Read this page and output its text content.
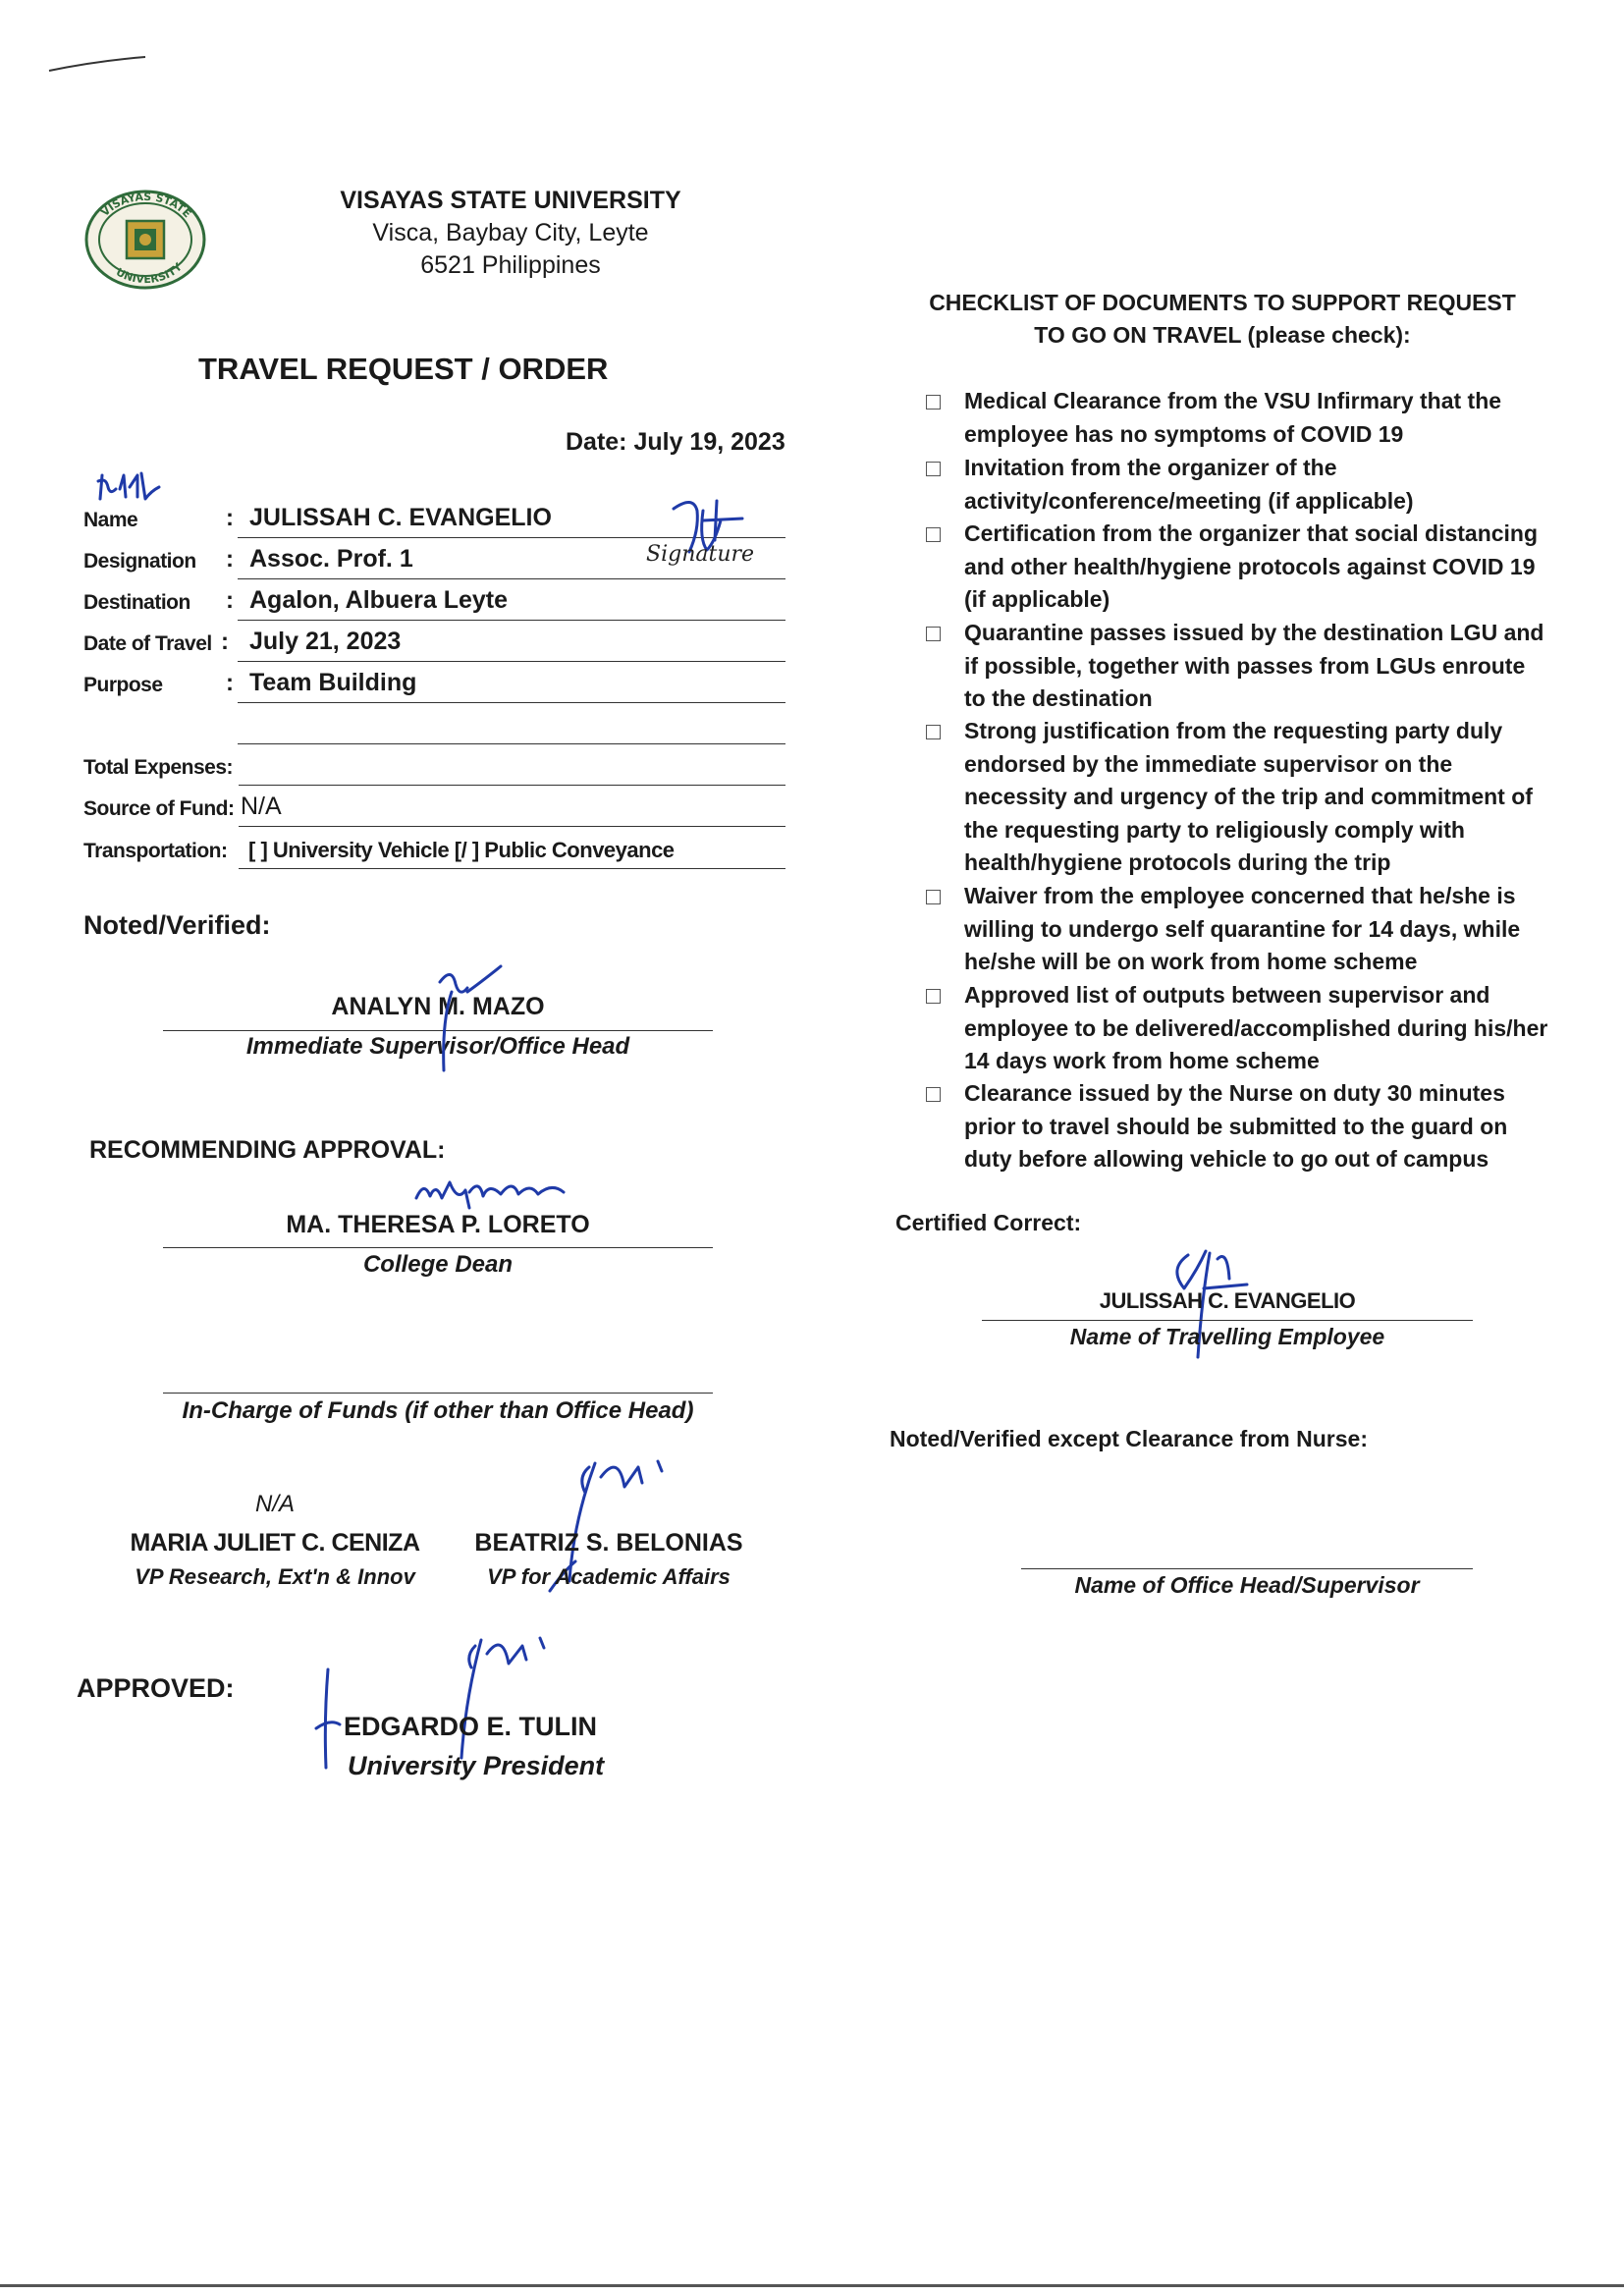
VISAYAS STATE
UNIVERSITY
VISAYAS STATE UNIVERSITY
Visca, Baybay City, Leyte
6521 Philippines
TRAVEL REQUEST / ORDER
Date: July 19, 2023
Name	: JULISSAH C. EVANGELIO
Designation : Assoc. Prof. 1
Destination : Agalon, Albuera Leyte
Date of Travel : July 21, 2023
Purpose	: Team Building
Total Expenses:
Source of Fund: N/A
Transportation: [ ] University Vehicle [/ ] Public Conveyance
Signature
Noted/Verified:
ANALYN M. MAZO
Immediate Supervisor/Office Head
RECOMMENDING APPROVAL:
MA. THERESA P. LORETO
College Dean
In-Charge of Funds (if other than Office Head)
N/A
MARIA JULIET C. CENIZA
VP Research, Ext'n & Innov
BEATRIZ S. BELONIAS
VP for Academic Affairs
APPROVED:
EDGARDO E. TULIN
University President
CHECKLIST OF DOCUMENTS TO SUPPORT REQUEST
TO GO ON TRAVEL (please check):
Medical Clearance from the VSU Infirmary that the employee has no symptoms of COVID 19
Invitation from the organizer of the activity/conference/meeting (if applicable)
Certification from the organizer that social distancing and other health/hygiene protocols against COVID 19 (if applicable)
Quarantine passes issued by the destination LGU and if possible, together with passes from LGUs enroute to the destination
Strong justification from the requesting party duly endorsed by the immediate supervisor on the necessity and urgency of the trip and commitment of the requesting party to religiously comply with health/hygiene protocols during the trip
Waiver from the employee concerned that he/she is willing to undergo self quarantine for 14 days, while he/she will be on work from home scheme
Approved list of outputs between supervisor and employee to be delivered/accomplished during his/her 14 days work from home scheme
Clearance issued by the Nurse on duty 30 minutes prior to travel should be submitted to the guard on duty before allowing vehicle to go out of campus
Certified Correct:
JULISSAH C. EVANGELIO
Name of Travelling Employee
Noted/Verified except Clearance from Nurse:
Name of Office Head/Supervisor
